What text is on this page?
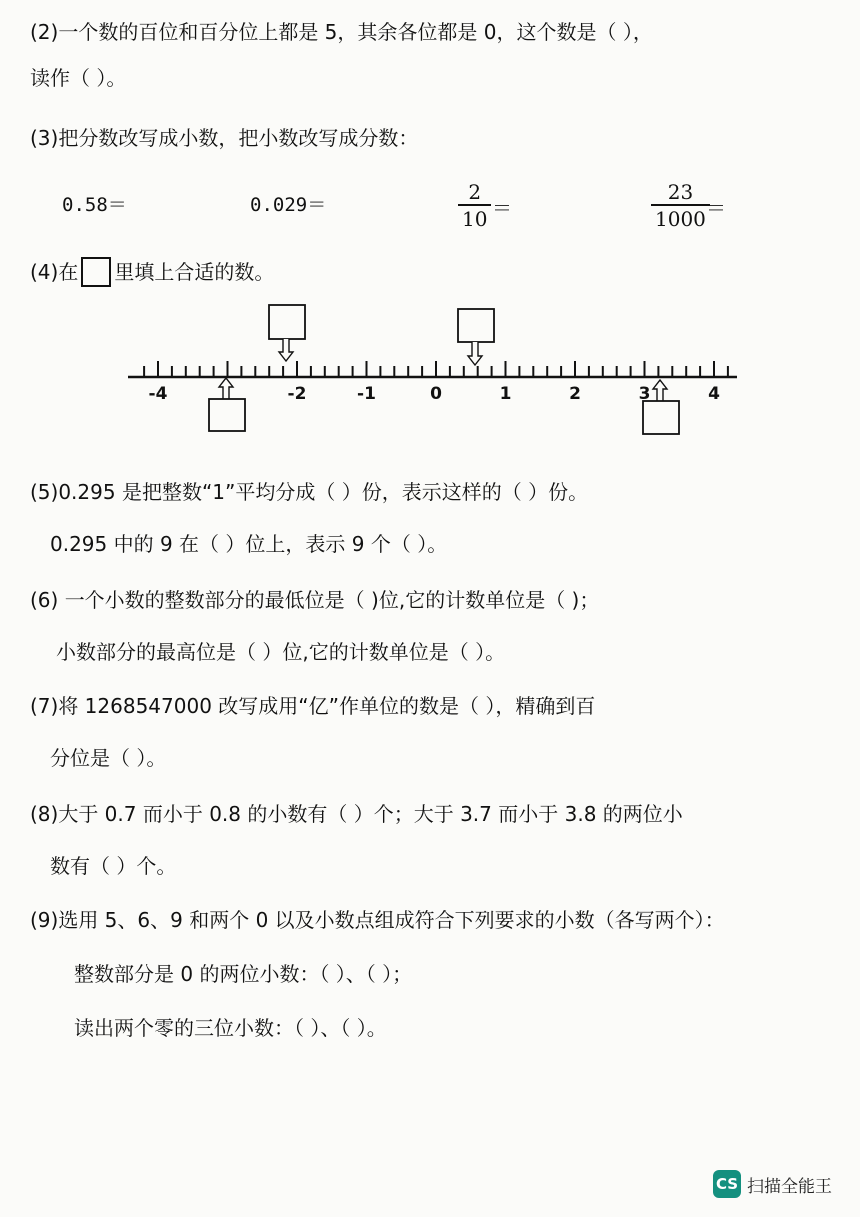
(2)一个数的百位和百分位上都是 5，其余各位都是 0，这个数是（ ），
读作（ ）。
(3)把分数改写成小数，把小数改写成分数：
0.58＝	0.029＝	$\frac{2}{10}$ ＝	$\frac{23}{1000}$
＝
(4)在 里填上合适的数。
-4	-2	-1	0	1	2	3	4
(5)0.295 是把整数“1”平均分成（ ）份，表示这样的（ ）份。
0.295 中的 9 在（ ）位上，表示 9 个（ ）。
(6) 一个小数的整数部分的最低位是（ )位,它的计数单位是（ )；
小数部分的最高位是（ ）位,它的计数单位是（ ）。
(7)将 1268547000 改写成用“亿”作单位的数是（ ），精确到百
分位是（ ）。
(8)大于 0.7 而小于 0.8 的小数有（ ）个；大于 3.7 而小于 3.8 的两位小
数有（ ）个。
(9)选用 5、6、9 和两个 0 以及小数点组成符合下列要求的小数（各写两个）：
整数部分是 0 的两位小数：（ ）、（ ）；
读出两个零的三位小数：（ ）、（ ）。
CS 扫描全能王
